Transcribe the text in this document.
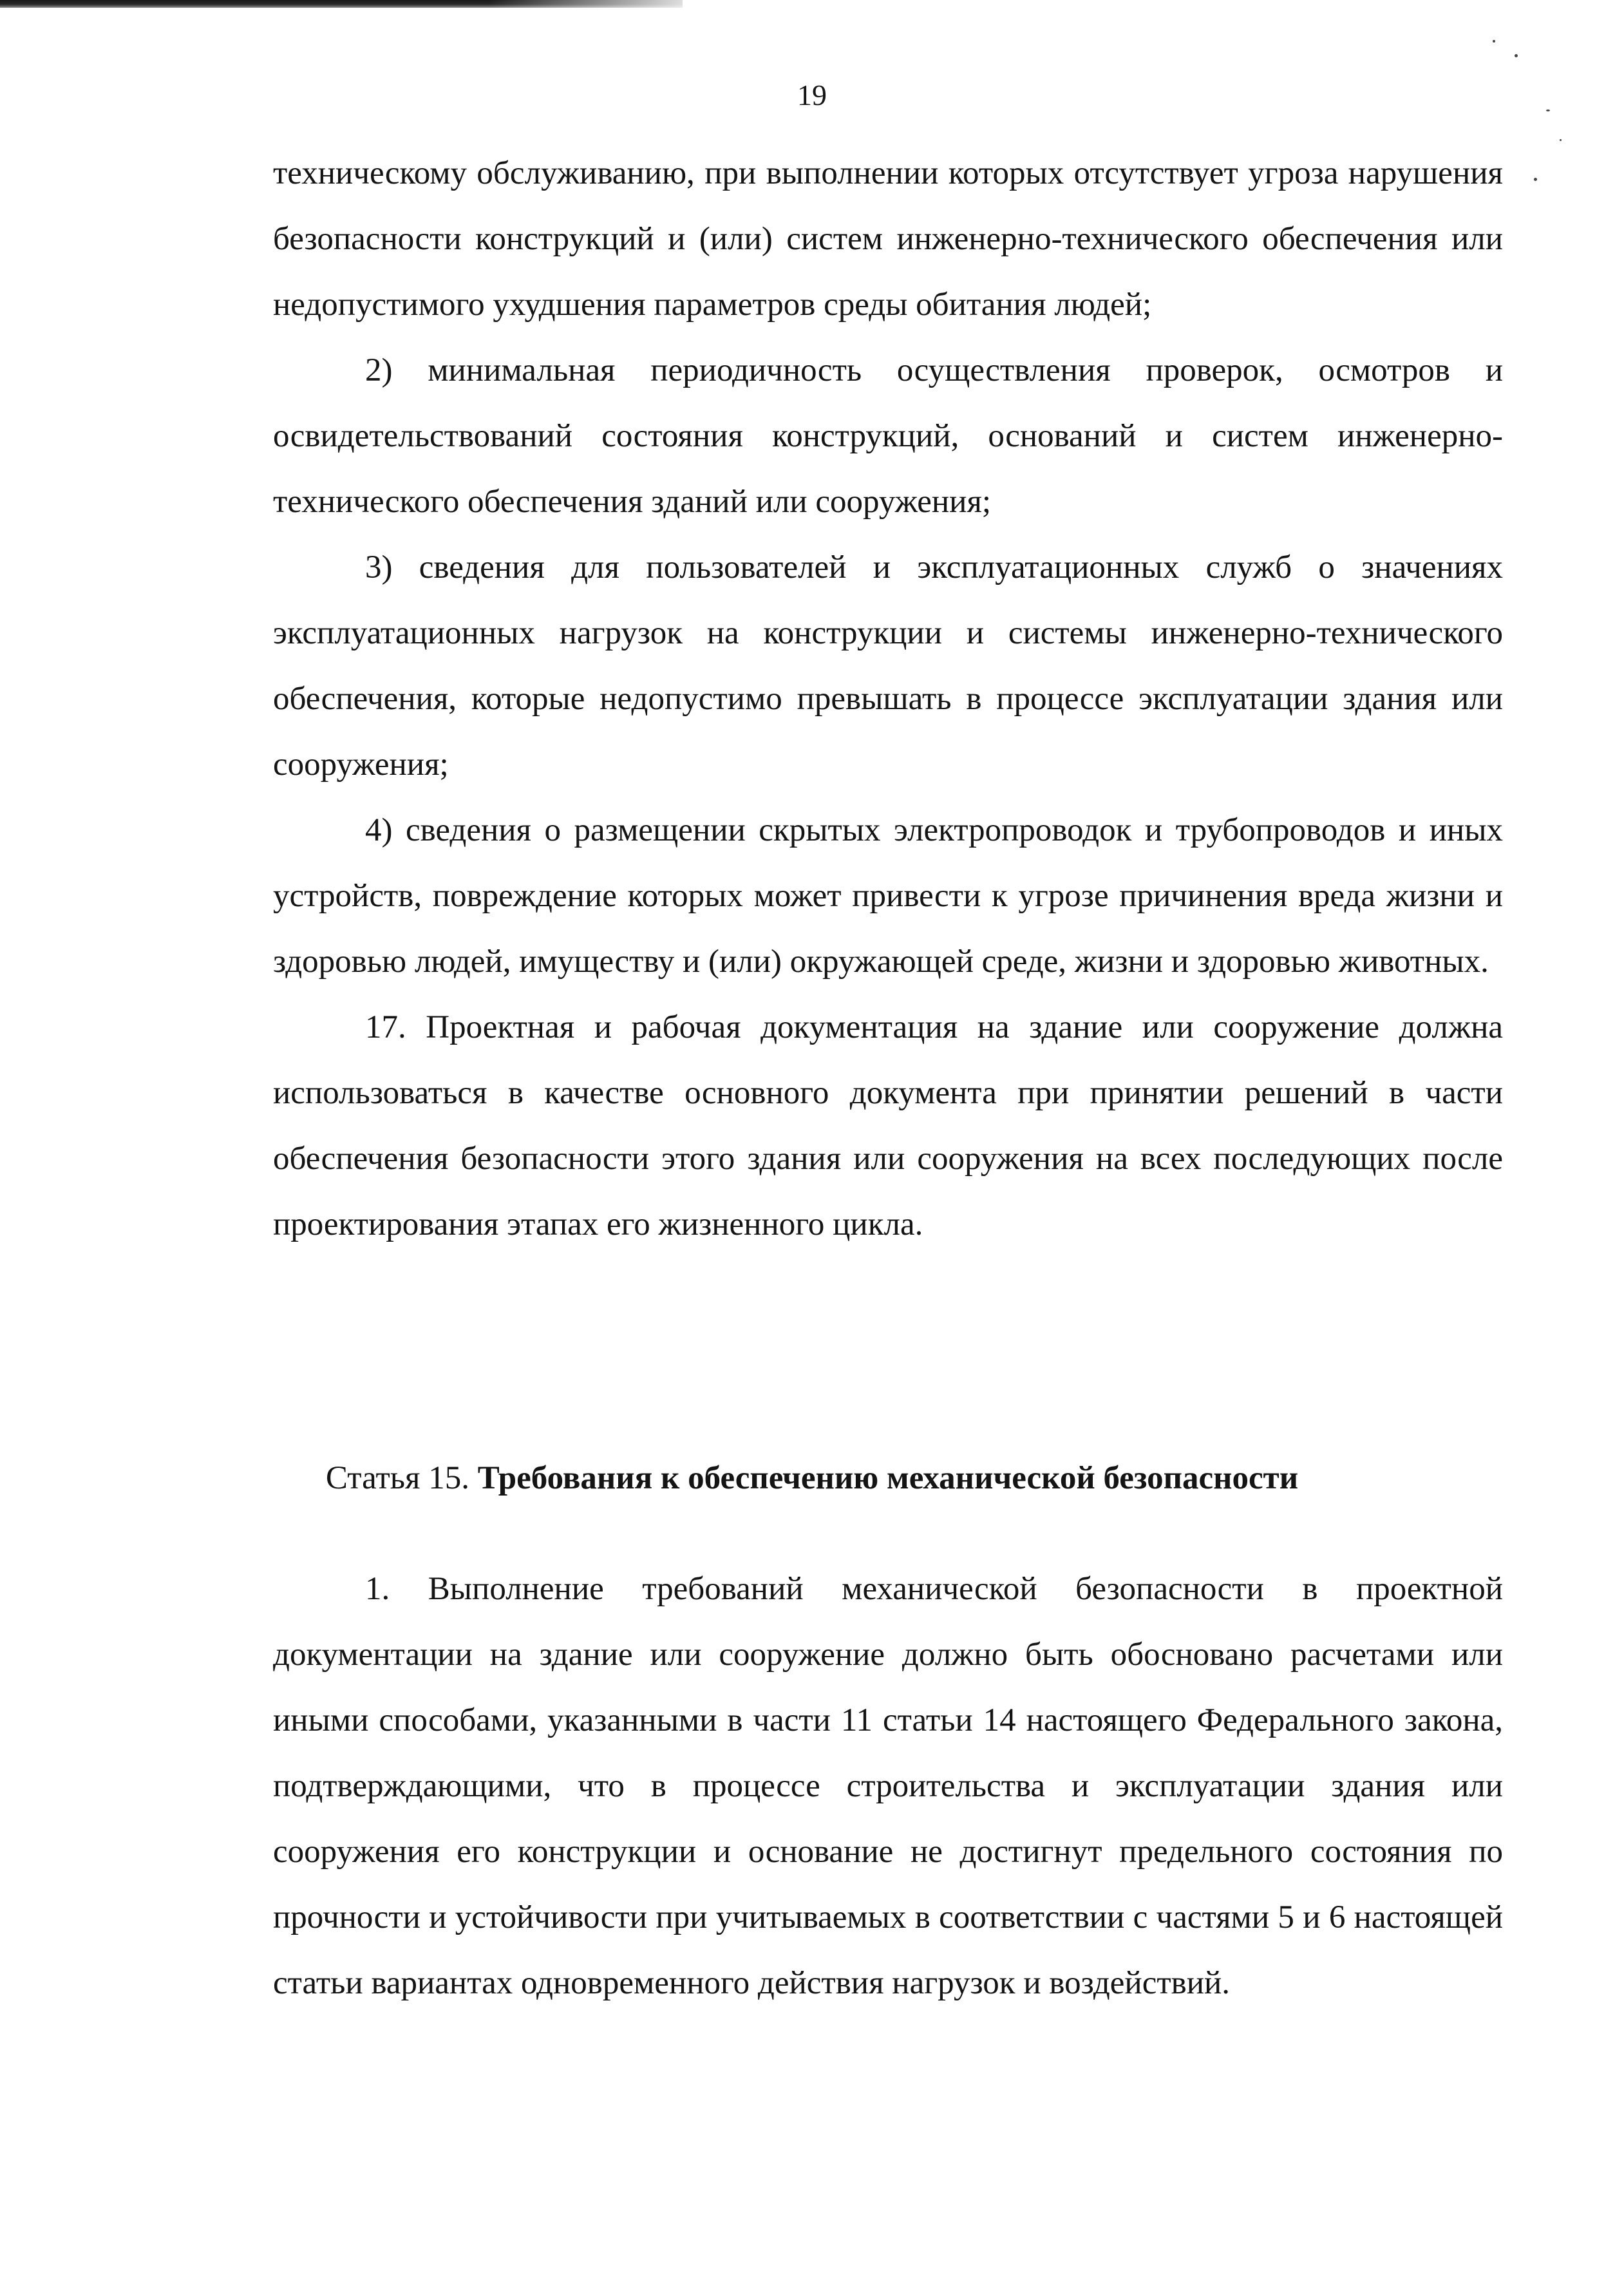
19

техническому обслуживанию, при выполнении которых отсутствует угроза нарушения безопасности конструкций и (или) систем инженерно-технического обеспечения или недопустимого ухудшения параметров среды обитания людей;

2) минимальная периодичность осуществления проверок, осмотров и освидетельствований состояния конструкций, оснований и систем инженерно-технического обеспечения зданий или сооружения;

3) сведения для пользователей и эксплуатационных служб о значениях эксплуатационных нагрузок на конструкции и системы инженерно-технического обеспечения, которые недопустимо превышать в процессе эксплуатации здания или сооружения;

4) сведения о размещении скрытых электропроводок и трубопроводов и иных устройств, повреждение которых может привести к угрозе причинения вреда жизни и здоровью людей, имуществу и (или) окружающей среде, жизни и здоровью животных.

17. Проектная и рабочая документация на здание или сооружение должна использоваться в качестве основного документа при принятии решений в части обеспечения безопасности этого здания или сооружения на всех последующих после проектирования этапах его жизненного цикла.

Статья 15. Требования к обеспечению механической безопасности

1. Выполнение требований механической безопасности в проектной документации на здание или сооружение должно быть обосновано расчетами или иными способами, указанными в части 11 статьи 14 настоящего Федерального закона, подтверждающими, что в процессе строительства и эксплуатации здания или сооружения его конструкции и основание не достигнут предельного состояния по прочности и устойчивости при учитываемых в соответствии с частями 5 и 6 настоящей статьи вариантах одновременного действия нагрузок и воздействий.
